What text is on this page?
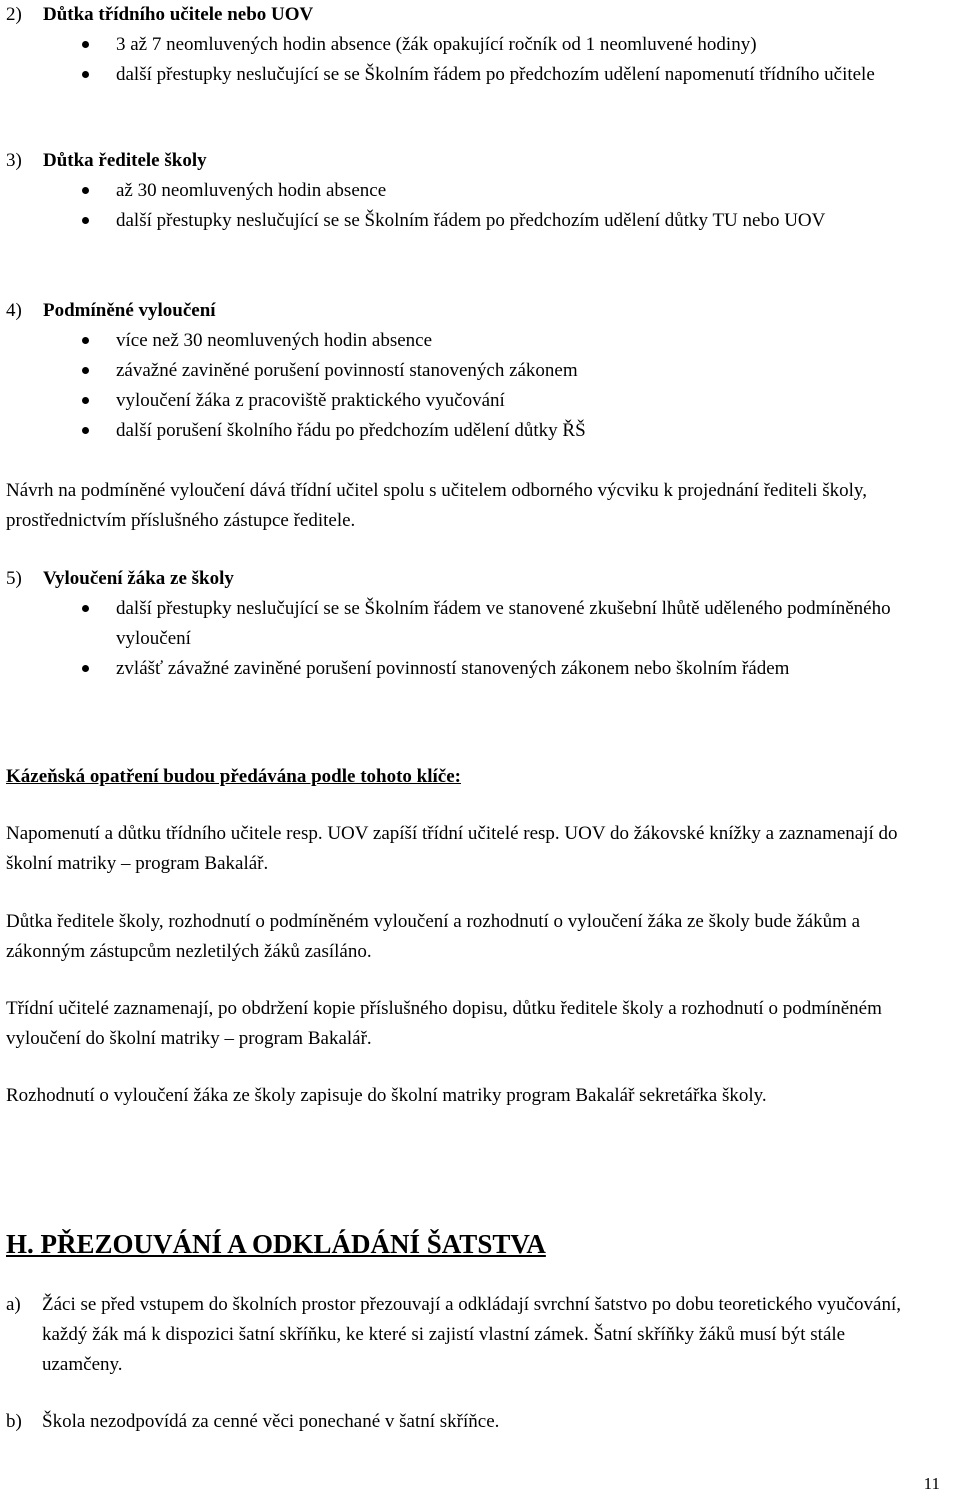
2) Důtka třídního učitele nebo UOV
3 až 7 neomluvených hodin absence (žák opakující ročník od 1 neomluvené hodiny)
další přestupky neslučující se se Školním řádem po předchozím udělení napomenutí třídního učitele
3) Důtka ředitele školy
až 30 neomluvených hodin absence
další přestupky neslučující se se Školním řádem po předchozím udělení důtky TU nebo UOV
4) Podmíněné vyloučení
více než 30 neomluvených hodin absence
závažné zaviněné porušení povinností stanovených zákonem
vyloučení žáka z pracoviště praktického vyučování
další porušení školního řádu po předchozím udělení důtky ŘŠ

Návrh na podmíněné vyloučení dává třídní učitel spolu s učitelem odborného výcviku k projednání řediteli školy, prostřednictvím příslušného zástupce ředitele.

5) Vyloučení žáka ze školy
další přestupky neslučující se se Školním řádem ve stanovené zkušební lhůtě uděleného podmíněného vyloučení
zvlášť závažné zaviněné porušení povinností stanovených zákonem nebo školním řádem
Kázeňská opatření budou předávána podle tohoto klíče:

Napomenutí a důtku třídního učitele resp. UOV zapíší třídní učitelé resp. UOV do žákovské knížky a zaznamenají do školní matriky – program Bakalář.

Důtka ředitele školy, rozhodnutí o podmíněném vyloučení a rozhodnutí o vyloučení žáka ze školy bude žákům a zákonným zástupcům nezletilých žáků zasíláno.

Třídní učitelé zaznamenají, po obdržení kopie příslušného dopisu, důtku ředitele školy a rozhodnutí o podmíněném vyloučení do školní matriky – program Bakalář.

Rozhodnutí o vyloučení žáka ze školy zapisuje do školní matriky program Bakalář sekretářka školy.

H. PŘEZOUVÁNÍ A ODKLÁDÁNÍ ŠATSTVA
a)	Žáci se před vstupem do školních prostor přezouvají a odkládají svrchní šatstvo po dobu teoretického vyučování, každý žák má k dispozici šatní skříňku, ke které si zajistí vlastní zámek. Šatní skříňky žáků musí být stále uzamčeny.
b)	Škola nezodpovídá za cenné věci ponechané v šatní skříňce.
11
